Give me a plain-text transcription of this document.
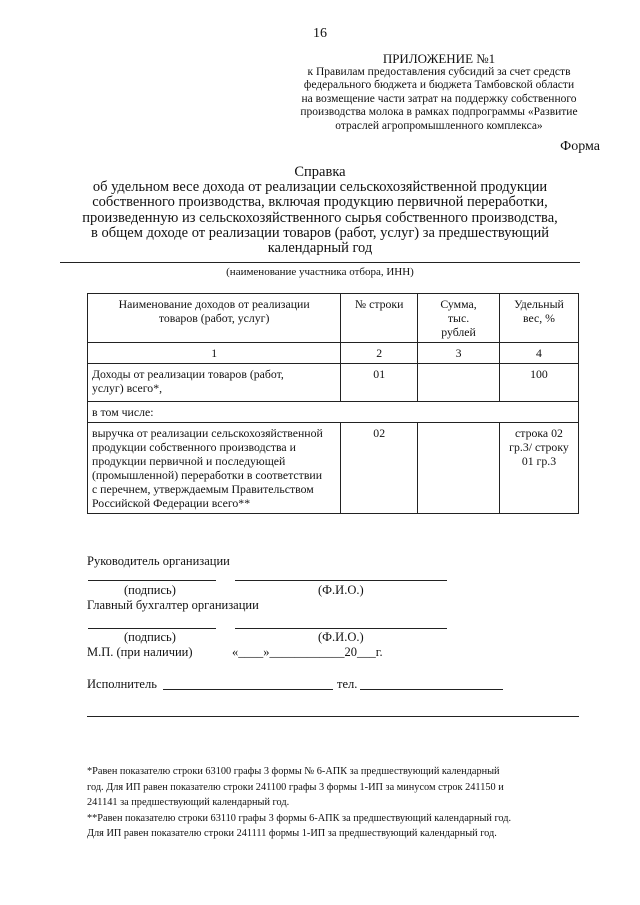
16
ПРИЛОЖЕНИЕ №1
к Правилам предоставления субсидий за счет средств
федерального бюджета и бюджета Тамбовской области
на возмещение части затрат на поддержку собственного
производства молока в рамках подпрограммы «Развитие
отраслей агропромышленного комплекса»
Форма
Справка
об удельном весе дохода от реализации сельскохозяйственной продукции
собственного производства, включая продукцию первичной переработки,
произведенную из сельскохозяйственного сырья собственного производства,
в общем доходе от реализации товаров (работ, услуг) за предшествующий
календарный год
(наименование участника отбора, ИНН)
Наименование доходов от реализации товаров (работ, услуг)	№ строки	Сумма, тыс. рублей	Удельный вес, %
1	2	3	4
Доходы от реализации товаров (работ, услуг) всего*,	01		100
в том числе:			
выручка от реализации сельскохозяйственной продукции собственного производства и продукции первичной и последующей (промышленной) переработки в соответствии с перечнем, утверждаемым Правительством Российской Федерации всего**	02		строка 02 гр.3/ строку 01 гр.3
Руководитель организации
(подпись)	(Ф.И.О.)
Главный бухгалтер организации
(подпись)	(Ф.И.О.)
М.П. (при наличии)	«____»____________20___г.
Исполнитель	тел.
*Равен показателю строки 63100 графы 3 формы № 6-АПК за предшествующий календарный
год. Для ИП равен показателю строки 241100 графы 3 формы 1-ИП за минусом строк 241150 и
241141 за предшествующий календарный год.
**Равен показателю строки 63110 графы 3 формы 6-АПК за предшествующий календарный год.
Для ИП равен показателю строки 241111 формы 1-ИП за предшествующий календарный год.
